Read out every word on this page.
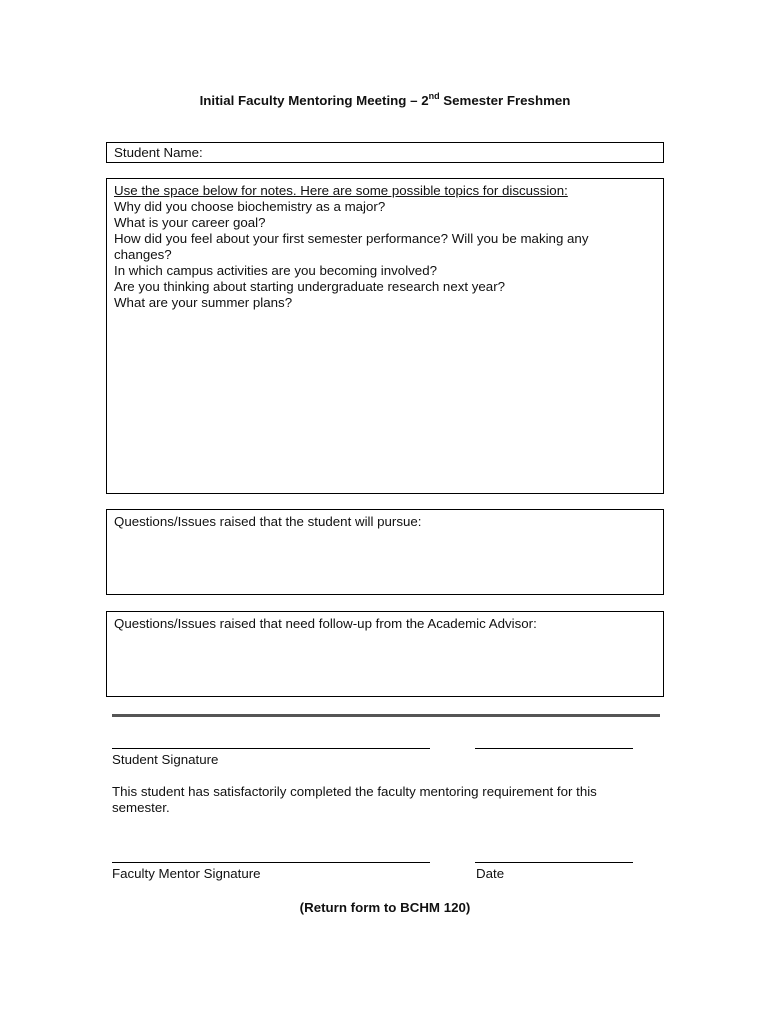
Initial Faculty Mentoring Meeting – 2nd Semester Freshmen
Student Name:
Use the space below for notes. Here are some possible topics for discussion:
Why did you choose biochemistry as a major?
What is your career goal?
How did you feel about your first semester performance? Will you be making any
changes?
In which campus activities are you becoming involved?
Are you thinking about starting undergraduate research next year?
What are your summer plans?
Questions/Issues raised that the student will pursue:
Questions/Issues raised that need follow-up from the Academic Advisor:
Student Signature
This student has satisfactorily completed the faculty mentoring requirement for this
semester.
Faculty Mentor Signature	Date
(Return form to BCHM 120)
